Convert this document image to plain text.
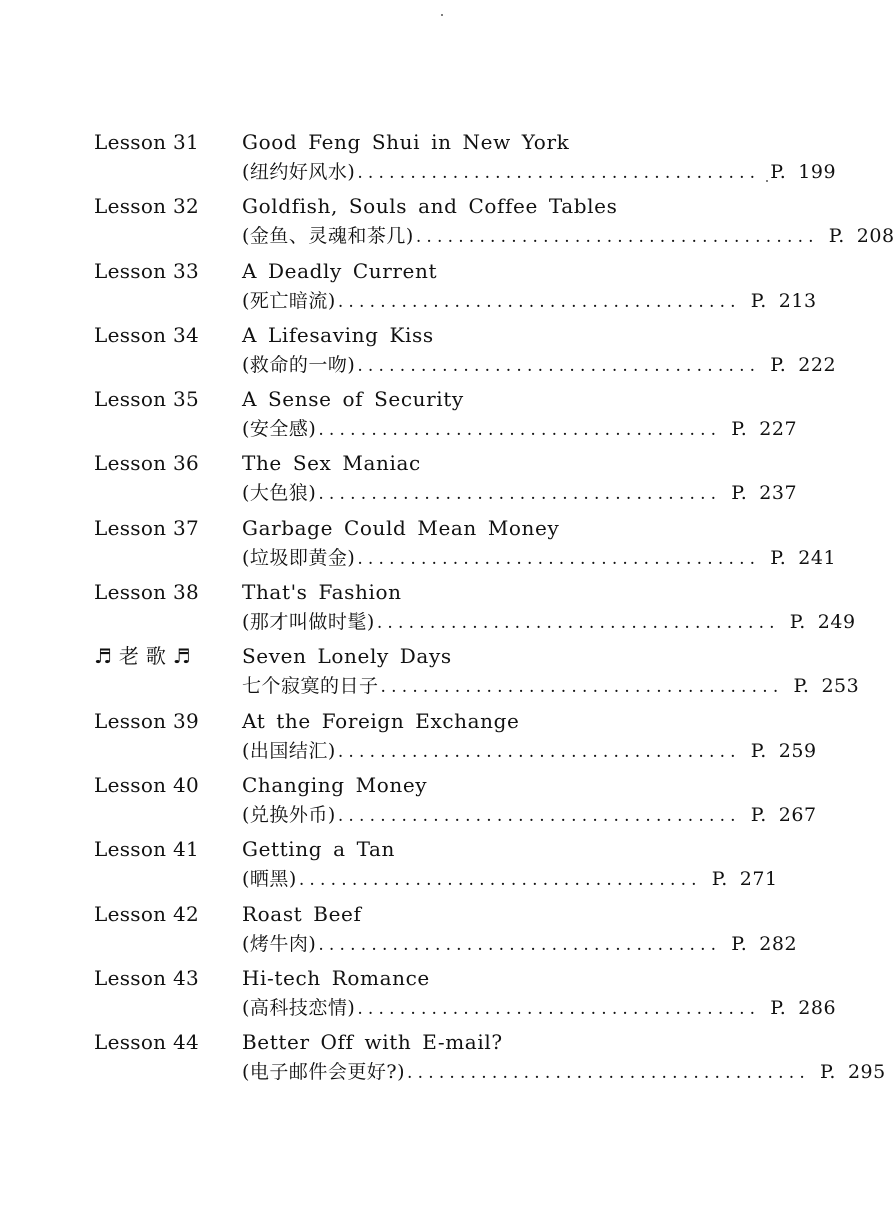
Lesson 31	Good Feng Shui in New York
(纽约好风水) ...................................... P. 199
Lesson 32	Goldfish, Souls and Coffee Tables
(金鱼、灵魂和茶几) ...................................... P. 208
Lesson 33	A Deadly Current
(死亡暗流) ...................................... P. 213
Lesson 34	A Lifesaving Kiss
(救命的一吻) ...................................... P. 222
Lesson 35	A Sense of Security
(安全感) ...................................... P. 227
Lesson 36	The Sex Maniac
(大色狼) ...................................... P. 237
Lesson 37	Garbage Could Mean Money
(垃圾即黄金) ...................................... P. 241
Lesson 38	That's Fashion
(那才叫做时髦) ...................................... P. 249
♬ 老 歌 ♬	Seven Lonely Days
七个寂寞的日子 ...................................... P. 253
Lesson 39	At the Foreign Exchange
(出国结汇) ...................................... P. 259
Lesson 40	Changing Money
(兑换外币) ...................................... P. 267
Lesson 41	Getting a Tan
(晒黑) ...................................... P. 271
Lesson 42	Roast Beef
(烤牛肉) ...................................... P. 282
Lesson 43	Hi-tech Romance
(高科技恋情) ...................................... P. 286
Lesson 44	Better Off with E-mail?
(电子邮件会更好?) ...................................... P. 295
